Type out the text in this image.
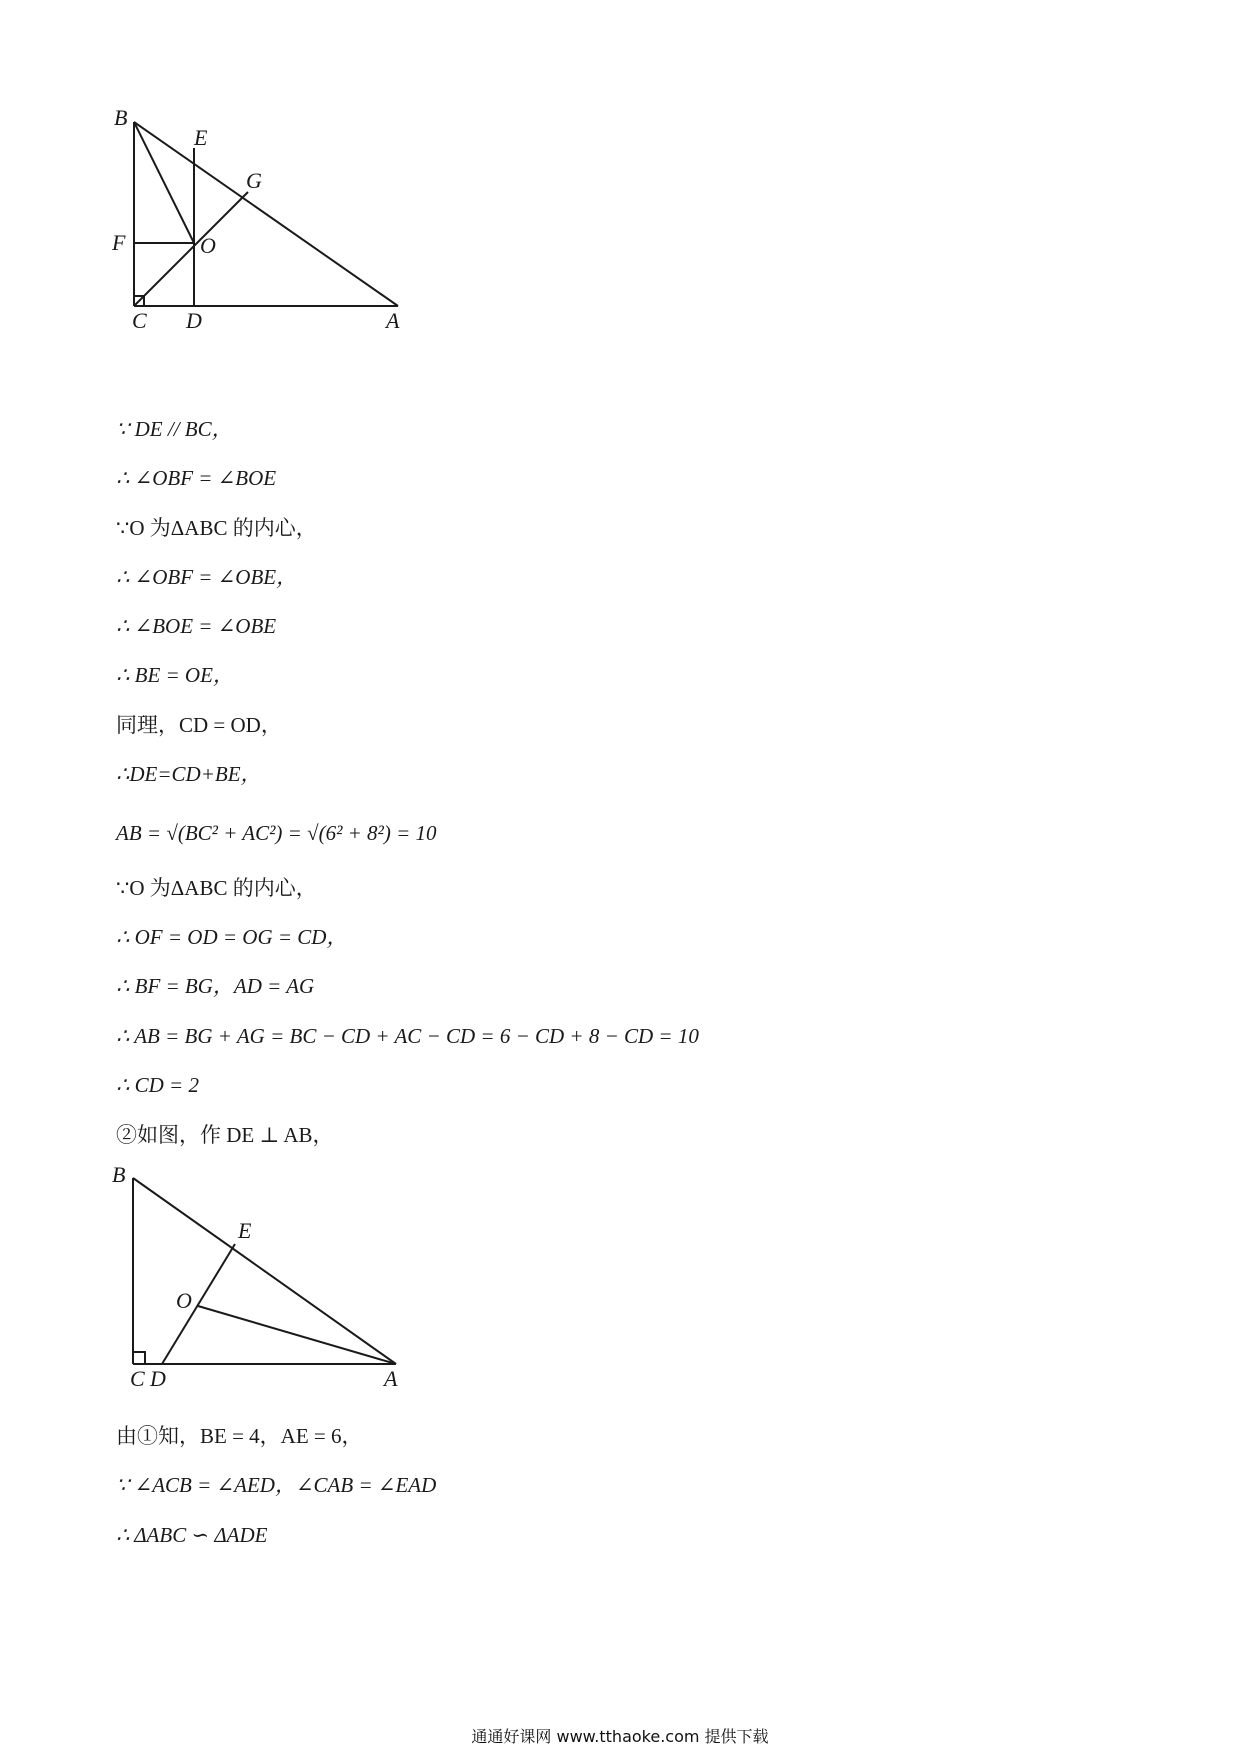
B
E
G
F	O
C D	A
∵ DE // BC，
∴ ∠OBF = ∠BOE
∵O 为ΔABC 的内心，
∴ ∠OBF = ∠OBE，
∴ ∠BOE = ∠OBE
∴ BE = OE，
同理，CD = OD，
∴DE=CD+BE，
AB = √(BC² + AC²) = √(6² + 8²) = 10
∵O 为ΔABC 的内心，
∴ OF = OD = OG = CD，
∴ BF = BG，AD = AG
∴ AB = BG + AG = BC − CD + AC − CD = 6 − CD + 8 − CD = 10
∴ CD = 2
②如图，作 DE ⊥ AB，
B
E
O
C D	A
由①知，BE = 4，AE = 6，
∵ ∠ACB = ∠AED，∠CAB = ∠EAD
∴ ΔABC ∽ ΔADE
通通好课网 www.tthaoke.com 提供下载
